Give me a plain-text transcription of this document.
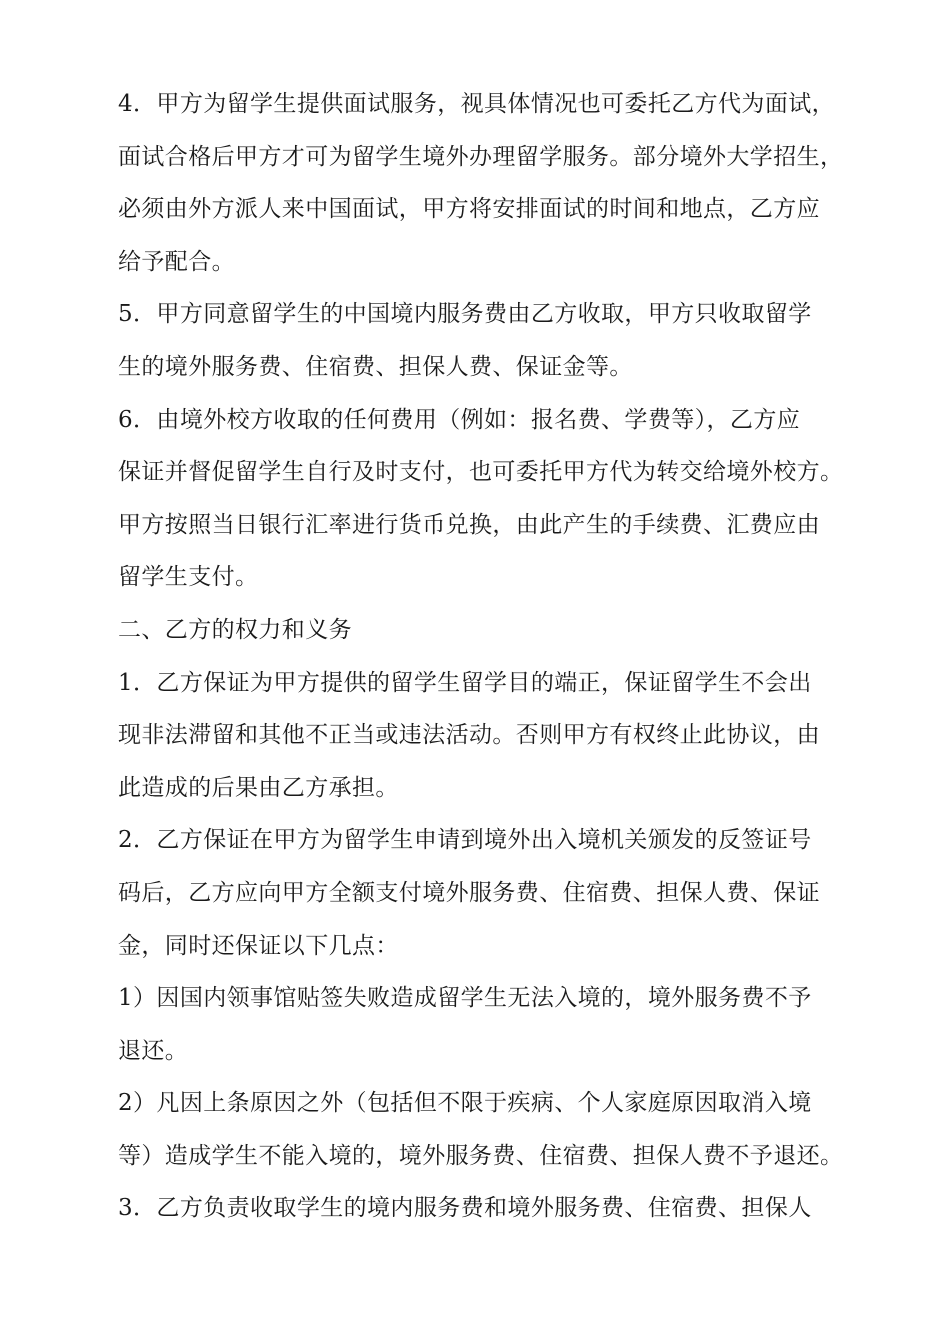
4．甲方为留学生提供面试服务，视具体情况也可委托乙方代为面试，

面试合格后甲方才可为留学生境外办理留学服务。部分境外大学招生，

必须由外方派人来中国面试，甲方将安排面试的时间和地点，乙方应

给予配合。

5．甲方同意留学生的中国境内服务费由乙方收取，甲方只收取留学

生的境外服务费、住宿费、担保人费、保证金等。

6．由境外校方收取的任何费用（例如：报名费、学费等），乙方应

保证并督促留学生自行及时支付，也可委托甲方代为转交给境外校方。

甲方按照当日银行汇率进行货币兑换，由此产生的手续费、汇费应由

留学生支付。

二、乙方的权力和义务

1．乙方保证为甲方提供的留学生留学目的端正，保证留学生不会出

现非法滞留和其他不正当或违法活动。否则甲方有权终止此协议，由

此造成的后果由乙方承担。

2．乙方保证在甲方为留学生申请到境外出入境机关颁发的反签证号

码后，乙方应向甲方全额支付境外服务费、住宿费、担保人费、保证

金，同时还保证以下几点：

1）因国内领事馆贴签失败造成留学生无法入境的，境外服务费不予

退还。

2）凡因上条原因之外（包括但不限于疾病、个人家庭原因取消入境

等）造成学生不能入境的，境外服务费、住宿费、担保人费不予退还。

3．乙方负责收取学生的境内服务费和境外服务费、住宿费、担保人
